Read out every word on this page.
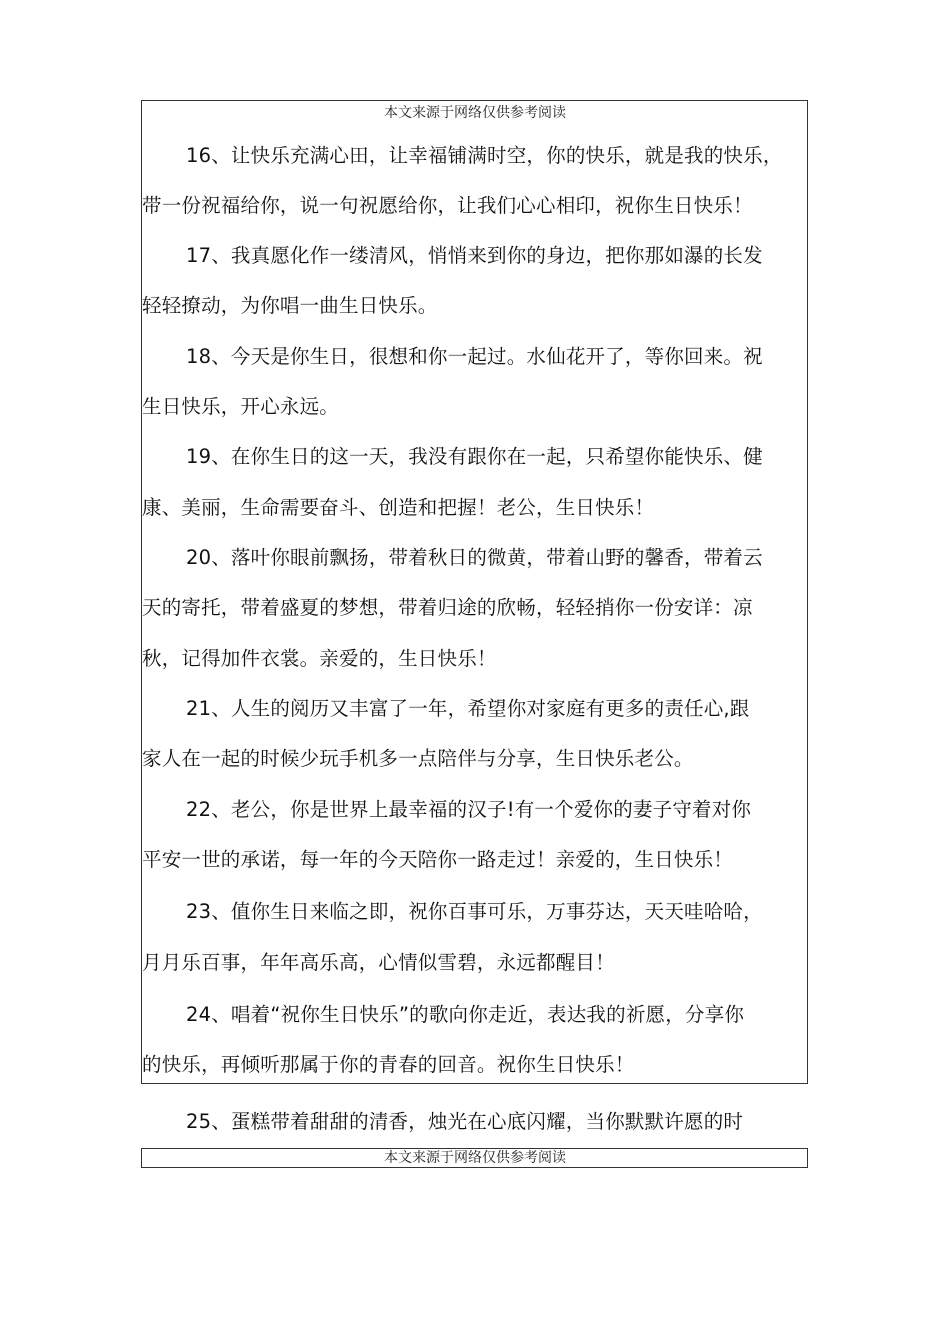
本文来源于网络仅供参考阅读
16、让快乐充满心田，让幸福铺满时空，你的快乐，就是我的快乐，
带一份祝福给你，说一句祝愿给你，让我们心心相印，祝你生日快乐！
17、我真愿化作一缕清风，悄悄来到你的身边，把你那如瀑的长发
轻轻撩动，为你唱一曲生日快乐。
18、今天是你生日，很想和你一起过。水仙花开了，等你回来。祝
生日快乐，开心永远。
19、在你生日的这一天，我没有跟你在一起，只希望你能快乐、健
康、美丽，生命需要奋斗、创造和把握！老公，生日快乐！
20、落叶你眼前飘扬，带着秋日的微黄，带着山野的馨香，带着云
天的寄托，带着盛夏的梦想，带着归途的欣畅，轻轻捎你一份安详：凉
秋，记得加件衣裳。亲爱的，生日快乐！
21、人生的阅历又丰富了一年，希望你对家庭有更多的责任心,跟
家人在一起的时候少玩手机多一点陪伴与分享，生日快乐老公。
22、老公，你是世界上最幸福的汉子!有一个爱你的妻子守着对你
平安一世的承诺，每一年的今天陪你一路走过！亲爱的，生日快乐！
23、值你生日来临之即，祝你百事可乐，万事芬达，天天哇哈哈，
月月乐百事，年年高乐高，心情似雪碧，永远都醒目！
24、唱着“祝你生日快乐”的歌向你走近，表达我的祈愿，分享你
的快乐，再倾听那属于你的青春的回音。祝你生日快乐！
25、蛋糕带着甜甜的清香，烛光在心底闪耀，当你默默许愿的时
本文来源于网络仅供参考阅读
